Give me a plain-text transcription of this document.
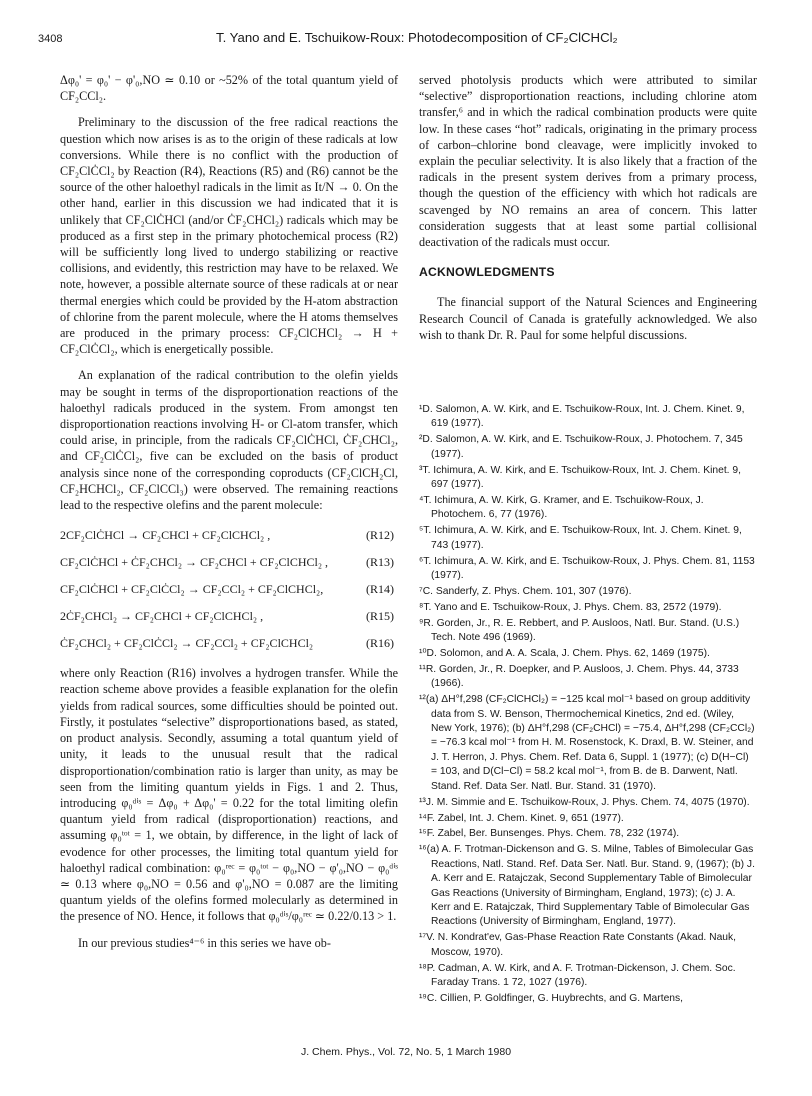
3408	T. Yano and E. Tschuikow-Roux: Photodecomposition of CF₂ClCHCl₂

Δφ₀' = φ₀' − φ'₀,NO ≃ 0.10 or ~52% of the total quantum yield of CF₂CCl₂.

Preliminary to the discussion of the free radical reactions the question which now arises is as to the origin of these radicals at low conversions. While there is no conflict with the production of CF₂ClĊCl₂ by Reaction (R4), Reactions (R5) and (R6) cannot be the source of the other haloethyl radicals in the limit as It/N → 0. On the other hand, earlier in this discussion we had indicated that it is unlikely that CF₂ClĊHCl (and/or ĊF₂CHCl₂) radicals which may be produced as a first step in the primary photochemical process (R2) will be sufficiently long lived to undergo stabilizing or reactive collisions, and evidently, this restriction may have to be relaxed. We note, however, a possible alternate source of these radicals at or near thermal energies which could be provided by the H-atom abstraction of chlorine from the parent molecule, where the H atoms themselves are produced in the primary process: CF₂ClCHCl₂ → H + CF₂ClĊCl₂, which is energetically possible.

An explanation of the radical contribution to the olefin yields may be sought in terms of the disproportionation reactions of the haloethyl radicals produced in the system. From amongst ten disproportionation reactions involving H- or Cl-atom transfer, which could arise, in principle, from the radicals CF₂ClĊHCl, ĊF₂CHCl₂, and CF₂ClĊCl₂, five can be excluded on the basis of product analysis since none of the corresponding coproducts (CF₂ClCH₂Cl, CF₂HCHCl₂, CF₂ClCCl₃) were observed. The remaining reactions lead to the respective olefins and the parent molecule:

2CF₂ClĊHCl → CF₂CHCl + CF₂ClCHCl₂ ,	(R12)
CF₂ClĊHCl + ĊF₂CHCl₂ → CF₂CHCl + CF₂ClCHCl₂ ,	(R13)
CF₂ClĊHCl + CF₂ClĊCl₂ → CF₂CCl₂ + CF₂ClCHCl₂,	(R14)
2ĊF₂CHCl₂ → CF₂CHCl + CF₂ClCHCl₂ ,	(R15)
ĊF₂CHCl₂ + CF₂ClĊCl₂ → CF₂CCl₂ + CF₂ClCHCl₂	(R16)

where only Reaction (R16) involves a hydrogen transfer. While the reaction scheme above provides a feasible explanation for the olefin yields from radical sources, some difficulties should be pointed out. Firstly, it postulates “selective” disproportionations based, as stated, on product analysis. Secondly, assuming a total quantum yield of unity, it leads to the unusual result that the radical disproportionation/combination ratio is larger than unity, as may be seen from the limiting quantum yields in Figs. 1 and 2. Thus, introducing φ₀ᵈⁱˢ = Δφ₀ + Δφ₀' = 0.22 for the total limiting olefin quantum yield from radical (disproportionation) reactions, and assuming φ₀ᵗᵒᵗ = 1, we obtain, by difference, in the light of lack of evodence for other processes, the limiting total quantum yield for haloethyl radical combination: φ₀ʳᵉᶜ = φ₀ᵗᵒᵗ − φ₀,NO − φ'₀,NO − φ₀ᵈⁱˢ ≃ 0.13 where φ₀,NO = 0.56 and φ'₀,NO = 0.087 are the limiting quantum yields of the olefins formed molecularly as determined in the presence of NO. Hence, it follows that φ₀ᵈⁱˢ/φ₀ʳᵉᶜ ≃ 0.22/0.13 > 1.

In our previous studies⁴⁻⁶ in this series we have ob-

served photolysis products which were attributed to similar “selective” disproportionation reactions, including chlorine atom transfer,⁶ and in which the radical combination products were quite low. In these cases “hot” radicals, originating in the primary process of carbon–chlorine bond cleavage, were implicitly invoked to explain the peculiar selectivity. It is also likely that a fraction of the radicals in the present system derives from a primary process, though the question of the efficiency with which hot radicals are scavenged by NO remains an area of concern. This latter consideration suggests that at least some partial collisional deactivation of the radicals must occur.

ACKNOWLEDGMENTS

The financial support of the Natural Sciences and Engineering Research Council of Canada is gratefully acknowledged. We also wish to thank Dr. R. Paul for some helpful discussions.

¹D. Salomon, A. W. Kirk, and E. Tschuikow-Roux, Int. J. Chem. Kinet. 9, 619 (1977).
²D. Salomon, A. W. Kirk, and E. Tschuikow-Roux, J. Photochem. 7, 345 (1977).
³T. Ichimura, A. W. Kirk, and E. Tschuikow-Roux, Int. J. Chem. Kinet. 9, 697 (1977).
⁴T. Ichimura, A. W. Kirk, G. Kramer, and E. Tschuikow-Roux, J. Photochem. 6, 77 (1976).
⁵T. Ichimura, A. W. Kirk, and E. Tschuikow-Roux, Int. J. Chem. Kinet. 9, 743 (1977).
⁶T. Ichimura, A. W. Kirk, and E. Tschuikow-Roux, J. Phys. Chem. 81, 1153 (1977).
⁷C. Sanderfy, Z. Phys. Chem. 101, 307 (1976).
⁸T. Yano and E. Tschuikow-Roux, J. Phys. Chem. 83, 2572 (1979).
⁹R. Gorden, Jr., R. E. Rebbert, and P. Ausloos, Natl. Bur. Stand. (U.S.) Tech. Note 496 (1969).
¹⁰D. Solomon, and A. A. Scala, J. Chem. Phys. 62, 1469 (1975).
¹¹R. Gorden, Jr., R. Doepker, and P. Ausloos, J. Chem. Phys. 44, 3733 (1966).
¹²(a) ΔH°f,298 (CF₂ClCHCl₂) = −125 kcal mol⁻¹ based on group additivity data from S. W. Benson, Thermochemical Kinetics, 2nd ed. (Wiley, New York, 1976); (b) ΔH°f,298 (CF₂CHCl) = −75.4, ΔH°f,298 (CF₂CCl₂) = −76.3 kcal mol⁻¹ from H. M. Rosenstock, K. Draxl, B. W. Steiner, and J. T. Herron, J. Phys. Chem. Ref. Data 6, Suppl. 1 (1977); (c) D(H−Cl) = 103, and D(Cl−Cl) = 58.2 kcal mol⁻¹, from B. de B. Darwent, Natl. Stand. Ref. Data Ser. Natl. Bur. Stand. 31 (1970).
¹³J. M. Simmie and E. Tschuikow-Roux, J. Phys. Chem. 74, 4075 (1970).
¹⁴F. Zabel, Int. J. Chem. Kinet. 9, 651 (1977).
¹⁵F. Zabel, Ber. Bunsenges. Phys. Chem. 78, 232 (1974).
¹⁶(a) A. F. Trotman-Dickenson and G. S. Milne, Tables of Bimolecular Gas Reactions, Natl. Stand. Ref. Data Ser. Natl. Bur. Stand. 9, (1967); (b) J. A. Kerr and E. Ratajczak, Second Supplementary Table of Bimolecular Gas Reactions (University of Birmingham, England, 1973); (c) J. A. Kerr and E. Ratajczak, Third Supplementary Table of Bimolecular Gas Reactions (University of Birmingham, England, 1977).
¹⁷V. N. Kondrat'ev, Gas-Phase Reaction Rate Constants (Akad. Nauk, Moscow, 1970).
¹⁸P. Cadman, A. W. Kirk, and A. F. Trotman-Dickenson, J. Chem. Soc. Faraday Trans. 1 72, 1027 (1976).
¹⁹C. Cillien, P. Goldfinger, G. Huybrechts, and G. Martens,
J. Chem. Phys., Vol. 72, No. 5, 1 March 1980
